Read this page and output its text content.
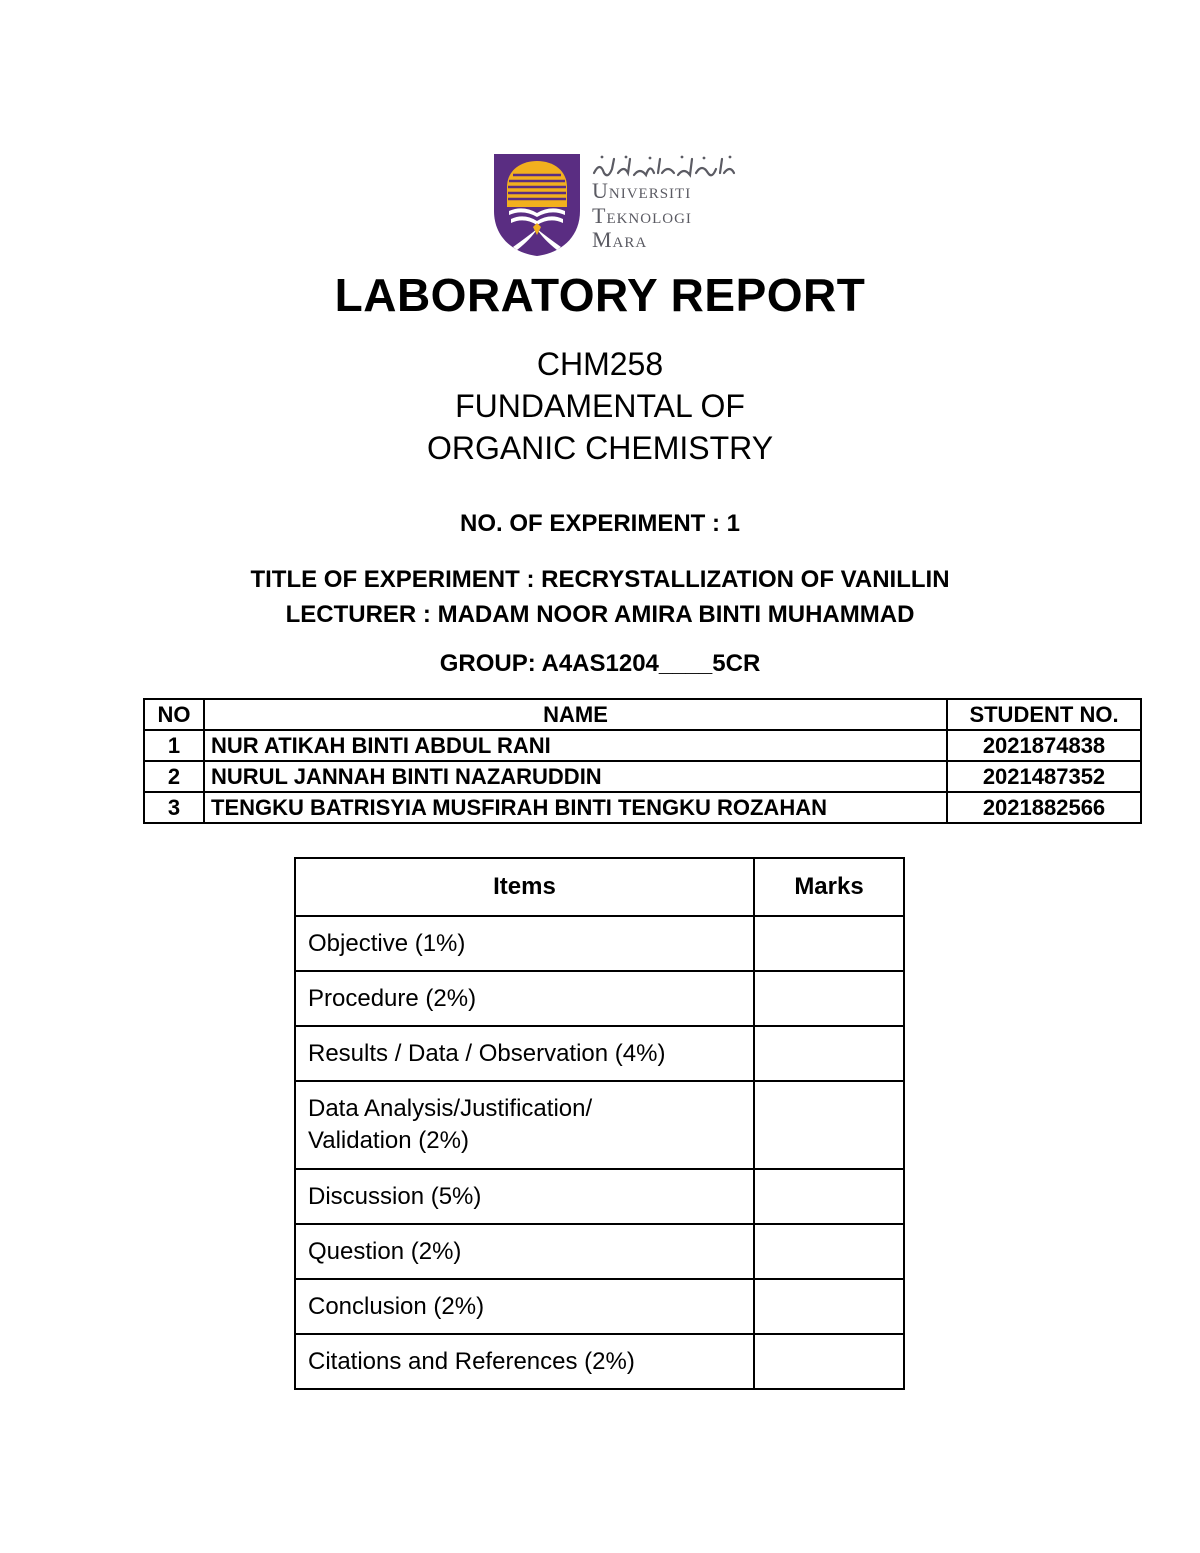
Universiti
Teknologi
Mara
LABORATORY REPORT
CHM258
FUNDAMENTAL OF
ORGANIC CHEMISTRY
NO. OF EXPERIMENT : 1
TITLE OF EXPERIMENT : RECRYSTALLIZATION OF VANILLIN
LECTURER : MADAM NOOR AMIRA BINTI MUHAMMAD
GROUP: A4AS1204____5CR
NO	NAME	STUDENT NO.
1	NUR ATIKAH BINTI ABDUL RANI	2021874838
2	NURUL JANNAH BINTI NAZARUDDIN	2021487352
3	TENGKU BATRISYIA MUSFIRAH BINTI TENGKU ROZAHAN	2021882566
Items	Marks
Objective (1%)	
Procedure (2%)	
Results / Data / Observation (4%)	

Data Analysis/Justification/
Validation (2%)	

Discussion (5%)	
Question (2%)	
Conclusion (2%)	
Citations and References (2%)	
